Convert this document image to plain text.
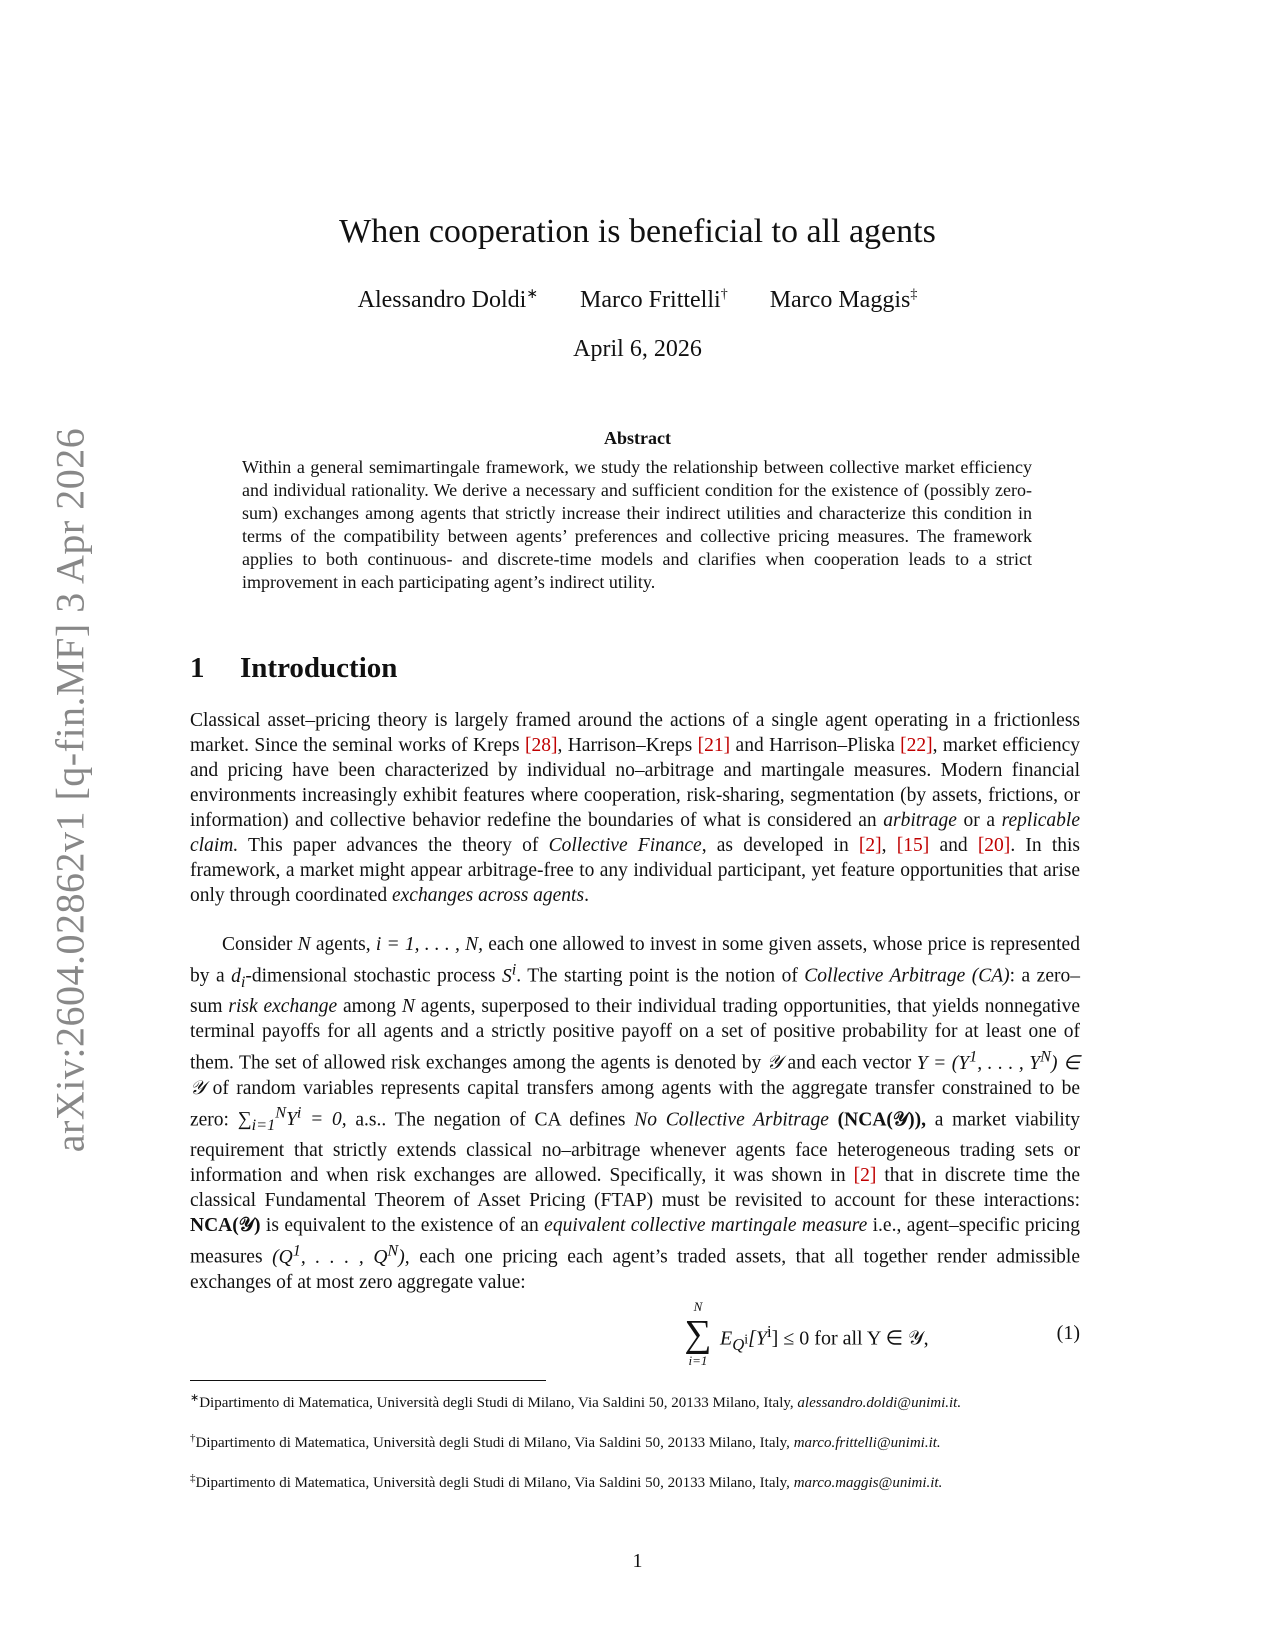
arXiv:2604.02862v1 [q-fin.MF] 3 Apr 2026
When cooperation is beneficial to all agents
Alessandro Doldi∗ Marco Frittelli† Marco Maggis‡
April 6, 2026
Abstract
Within a general semimartingale framework, we study the relationship between collective market efficiency and individual rationality. We derive a necessary and sufficient condition for the existence of (possibly zero-sum) exchanges among agents that strictly increase their indirect utilities and characterize this condition in terms of the compatibility between agents’ preferences and collective pricing measures. The framework applies to both continuous- and discrete-time models and clarifies when cooperation leads to a strict improvement in each participating agent’s indirect utility.
1 Introduction
Classical asset–pricing theory is largely framed around the actions of a single agent operating in a frictionless market. Since the seminal works of Kreps [28], Harrison–Kreps [21] and Harrison–Pliska [22], market efficiency and pricing have been characterized by individual no–arbitrage and martingale measures. Modern financial environments increasingly exhibit features where cooperation, risk-sharing, segmentation (by assets, frictions, or information) and collective behavior redefine the boundaries of what is considered an arbitrage or a replicable claim. This paper advances the theory of Collective Finance, as developed in [2], [15] and [20]. In this framework, a market might appear arbitrage-free to any individual participant, yet feature opportunities that arise only through coordinated exchanges across agents.
Consider N agents, i = 1, . . . , N, each one allowed to invest in some given assets, whose price is represented by a $d_i$-dimensional stochastic process $S^i$. The starting point is the notion of Collective Arbitrage (CA): a zero–sum risk exchange among N agents, superposed to their individual trading opportunities, that yields nonnegative terminal payoffs for all agents and a strictly positive payoff on a set of positive probability for at least one of them. The set of allowed risk exchanges among the agents is denoted by 𝒴 and each vector $Y = (Y^1$, . . . , $Y^N$) ∈ 𝒴 of random variables represents capital transfers among agents with the aggregate transfer constrained to be zero: $\sum_{i=1}^NY^i = 0$, a.s.. The negation of CA defines No Collective Arbitrage (NCA(𝒴)), a market viability requirement that strictly extends classical no–arbitrage whenever agents face heterogeneous trading sets or information and when risk exchanges are allowed. Specifically, it was shown in [2] that in discrete time the classical Fundamental Theorem of Asset Pricing (FTAP) must be revisited to account for these interactions: NCA(𝒴) is equivalent to the existence of an equivalent collective martingale measure i.e., agent–specific pricing measures ($Q^1$, . . . , $Q^N$), each one pricing each agent’s traded assets, that all together render admissible exchanges of at most zero aggregate value:
N
∑
i=1
$E_{Q^i}[Y^i] \le 0$ for all Y ∈ 𝒴,	(1)
∗Dipartimento di Matematica, Università degli Studi di Milano, Via Saldini 50, 20133 Milano, Italy, alessandro.doldi@unimi.it.
†Dipartimento di Matematica, Università degli Studi di Milano, Via Saldini 50, 20133 Milano, Italy, marco.frittelli@unimi.it.
‡Dipartimento di Matematica, Università degli Studi di Milano, Via Saldini 50, 20133 Milano, Italy, marco.maggis@unimi.it.
1
